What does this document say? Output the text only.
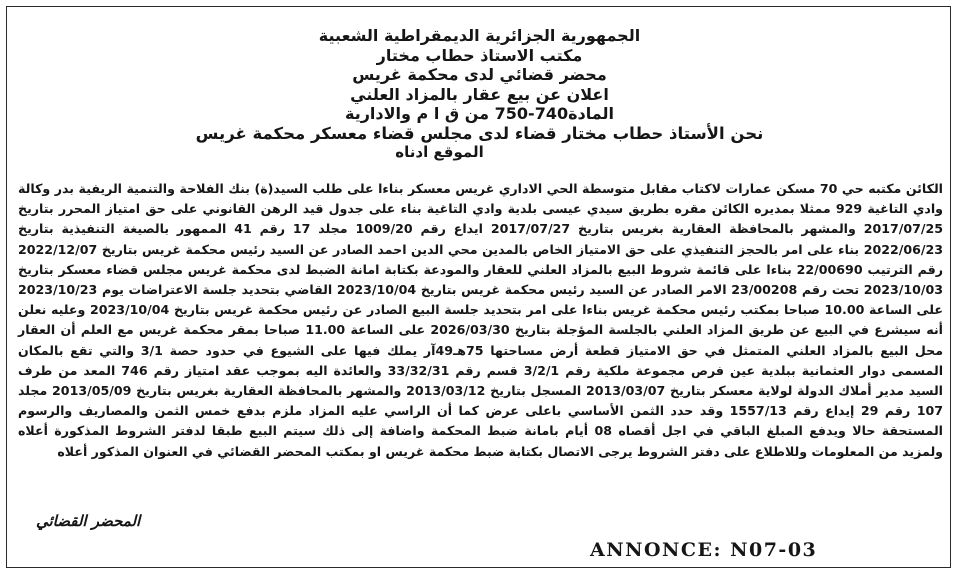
الجمهورية الجزائرية الديمقراطية الشعبية
مكتب الاستاذ حطاب مختار
محضر قضائي لدى محكمة غريس
اعلان عن بيع عقار بالمزاد العلني
المادة740-750 من ق ا م والادارية
نحن الأستاذ حطاب مختار قضاء لدى مجلس قضاء معسكر محكمة غريس
الموقع ادناه

الكائن مكتبه حي 70 مسكن عمارات لاكتاب مقابل متوسطة الحي الاداري غريس معسكر بناءا على طلب السيد(ة) بنك الفلاحة والتنمية الريفية بدر وكالة وادي التاغية 929 ممثلا بمديره الكائن مقره بطريق سيدي عيسى بلدية وادي التاغية بناء على جدول قيد الرهن القانوني على حق امتياز المحرر بتاريخ 2017/07/25 والمشهر بالمحافظة العقارية بغريس بتاريخ 2017/07/27 ايداع رقم 1009/20 مجلد 17 رقم 41 الممهور بالصيغة التنفيذية بتاريخ 2022/06/23 بناء على امر بالحجز التنفيذي على حق الامتياز الخاص بالمدين محي الدين احمد الصادر عن السيد رئيس محكمة غريس بتاريخ 2022/12/07 رقم الترتيب 22/00690 بناءا على قائمة شروط البيع بالمزاد العلني للعقار والمودعة بكتابة امانة الضبط لدى محكمة غريس مجلس قضاء معسكر بتاريخ 2023/10/03 تحت رقم 23/00208 الامر الصادر عن السيد رئيس محكمة غريس بتاريخ 2023/10/04 القاضي بتحديد جلسة الاعتراضات يوم 2023/10/23 على الساعة 10.00 صباحا بمكتب رئيس محكمة غريس بناءا على امر بتحديد جلسة البيع الصادر عن رئيس محكمة غريس بتاريخ 2023/10/04 وعليه نعلن أنه سيشرع في البيع عن طريق المزاد العلني بالجلسة المؤجلة بتاريخ 2026/03/30 على الساعة 11.00 صباحا بمقر محكمة غريس مع العلم أن العقار محل البيع بالمزاد العلني المتمثل في حق الامتياز قطعة أرض مساحتها 75هـ49آر يملك فيها على الشيوع في حدود حصة 3/1 والتي تقع بالمكان المسمى دوار العثمانية ببلدية عين فرص مجموعة ملكية رقم 3/2/1 قسم رقم 33/32/31 والعائدة اليه بموجب عقد امتياز رقم 746 المعد من طرف السيد مدير أملاك الدولة لولاية معسكر بتاريخ 2013/03/07 المسجل بتاريخ 2013/03/12 والمشهر بالمحافظة العقارية بغريس بتاريخ 2013/05/09 مجلد 107 رقم 29 إيداع رقم 1557/13 وقد حدد الثمن الأساسي باعلى عرض كما أن الراسي عليه المزاد ملزم بدفع خمس الثمن والمصاريف والرسوم المستحقة حالا ويدفع المبلغ الباقي في اجل أقصاه 08 أيام بامانة ضبط المحكمة واضافة إلى ذلك سيتم البيع طبقا لدفتر الشروط المذكورة أعلاه ولمزيد من المعلومات وللاطلاع على دفتر الشروط يرجى الاتصال بكتابة ضبط محكمة غريس او بمكتب المحضر القضائي في العنوان المذكور أعلاه

المحضر القضائي
ANNONCE: N07-03
